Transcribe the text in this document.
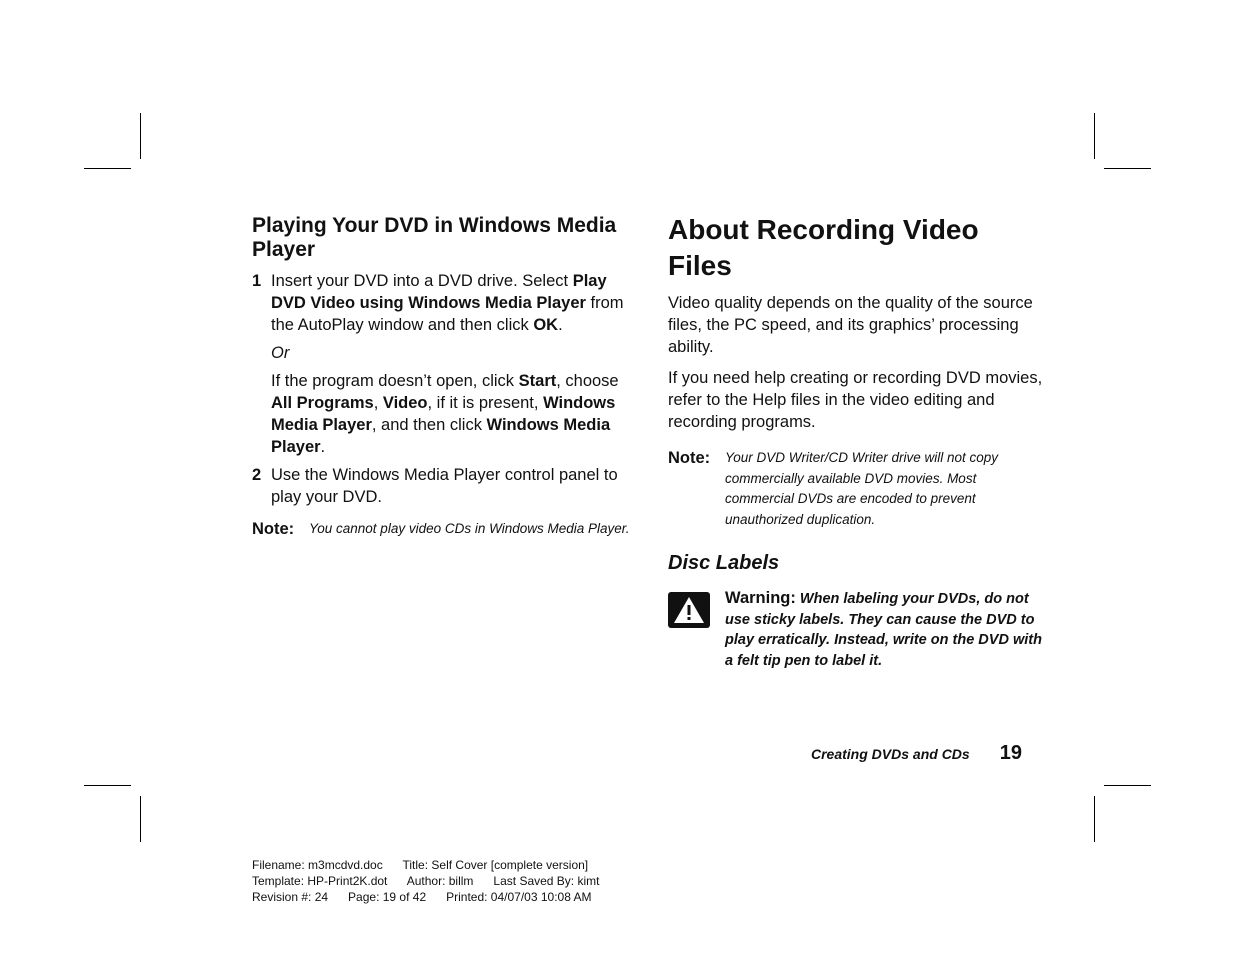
Playing Your DVD in Windows Media Player
1 Insert your DVD into a DVD drive. Select Play DVD Video using Windows Media Player from the AutoPlay window and then click OK.

Or

If the program doesn’t open, click Start, choose All Programs, Video, if it is present, Windows Media Player, and then click Windows Media Player.

2 Use the Windows Media Player control panel to play your DVD.
Note:	You cannot play video CDs in Windows Media Player.
About Recording Video Files

Video quality depends on the quality of the source files, the PC speed, and its graphics’ processing ability.

If you need help creating or recording DVD movies, refer to the Help files in the video editing and recording programs.

Note:	Your DVD Writer/CD Writer drive will not copy commercially available DVD movies. Most commercial DVDs are encoded to prevent unauthorized duplication.
Disc Labels
Warning: When labeling your DVDs, do not use sticky labels. They can cause the DVD to play erratically. Instead, write on the DVD with a felt tip pen to label it.
Creating DVDs and CDs 19
Filename: m3mcdvd.doc      Title: Self Cover [complete version]
Template: HP-Print2K.dot      Author: billm      Last Saved By: kimt
Revision #: 24      Page: 19 of 42      Printed: 04/07/03 10:08 AM
